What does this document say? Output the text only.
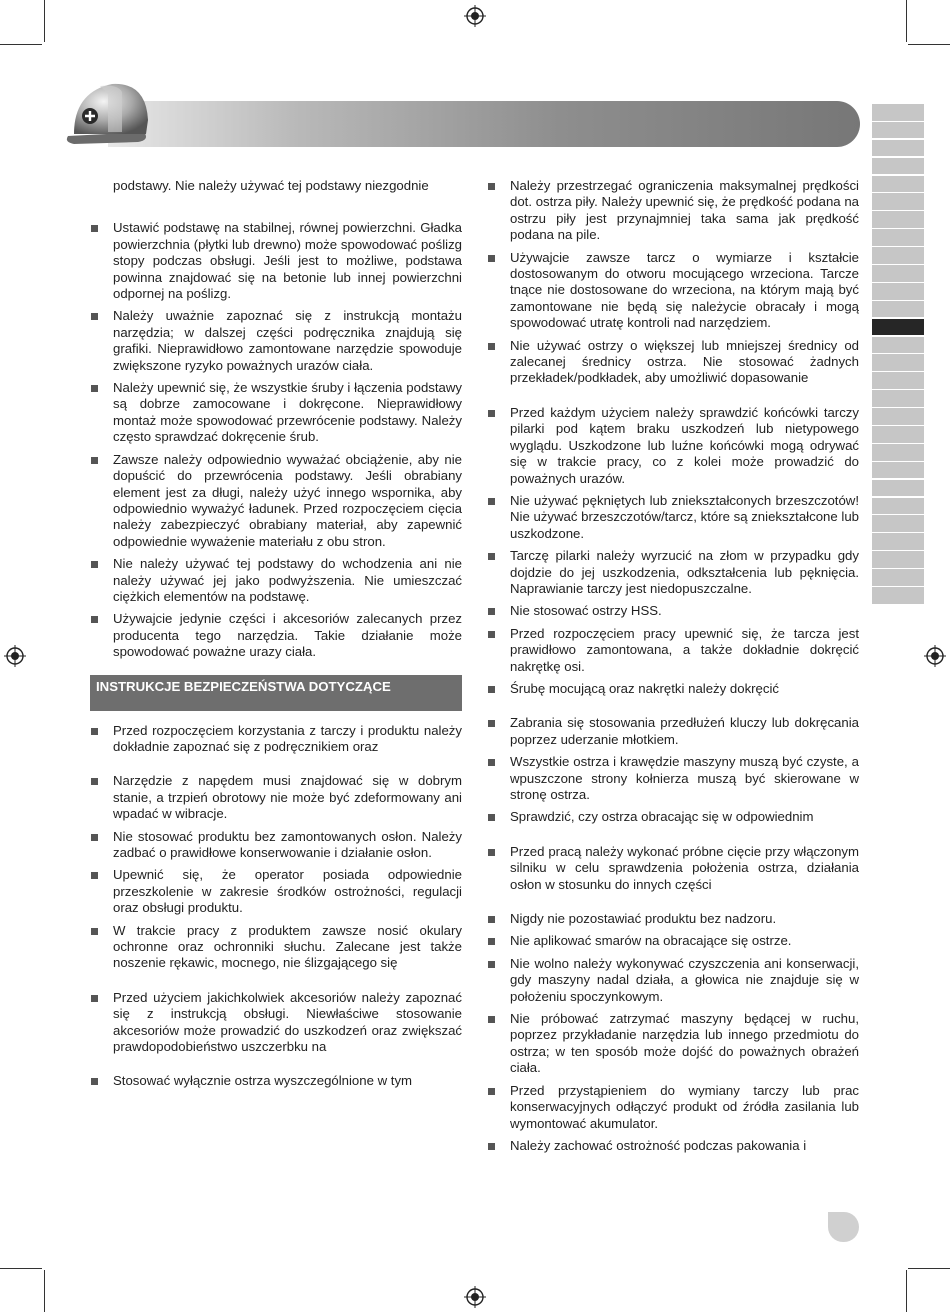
podstawy. Nie należy używać tej podstawy niezgodnie
Ustawić podstawę na stabilnej, równej powierzchni. Gładka powierzchnia (płytki lub drewno) może spowodować poślizg stopy podczas obsługi. Jeśli jest to możliwe, podstawa powinna znajdować się na betonie lub innej powierzchni odpornej na poślizg.
Należy uważnie zapoznać się z instrukcją montażu narzędzia; w dalszej części podręcznika znajdują się grafiki. Nieprawidłowo zamontowane narzędzie spowoduje zwiększone ryzyko poważnych urazów ciała.
Należy upewnić się, że wszystkie śruby i łączenia podstawy są dobrze zamocowane i dokręcone. Nieprawidłowy montaż może spowodować przewrócenie podstawy. Należy często sprawdzać dokręcenie śrub.
Zawsze należy odpowiednio wyważać obciążenie, aby nie dopuścić do przewrócenia podstawy. Jeśli obrabiany element jest za długi, należy użyć innego wspornika, aby odpowiednio wyważyć ładunek. Przed rozpoczęciem cięcia należy zabezpieczyć obrabiany materiał, aby zapewnić odpowiednie wyważenie materiału z obu stron.
Nie należy używać tej podstawy do wchodzenia ani nie należy używać jej jako podwyższenia. Nie umieszczać ciężkich elementów na podstawę.
Używajcie jedynie części i akcesoriów zalecanych przez producenta tego narzędzia. Takie działanie może spowodować poważne urazy ciała.
INSTRUKCJE BEZPIECZEŃSTWA DOTYCZĄCE
Przed rozpoczęciem korzystania z tarczy i produktu należy dokładnie zapoznać się z podręcznikiem oraz
Narzędzie z napędem musi znajdować się w dobrym stanie, a trzpień obrotowy nie może być zdeformowany ani wpadać w wibracje.
Nie stosować produktu bez zamontowanych osłon. Należy zadbać o prawidłowe konserwowanie i działanie osłon.
Upewnić się, że operator posiada odpowiednie przeszkolenie w zakresie środków ostrożności, regulacji oraz obsługi produktu.
W trakcie pracy z produktem zawsze nosić okulary ochronne oraz ochronniki słuchu. Zalecane jest także noszenie rękawic, mocnego, nie ślizgającego się
Przed użyciem jakichkolwiek akcesoriów należy zapoznać się z instrukcją obsługi. Niewłaściwe stosowanie akcesoriów może prowadzić do uszkodzeń oraz zwiększać prawdopodobieństwo uszczerbku na
Stosować wyłącznie ostrza wyszczególnione w tym
Należy przestrzegać ograniczenia maksymalnej prędkości dot. ostrza piły. Należy upewnić się, że prędkość podana na ostrzu piły jest przynajmniej taka sama jak prędkość podana na pile.
Używajcie zawsze tarcz o wymiarze i kształcie dostosowanym do otworu mocującego wrzeciona. Tarcze tnące nie dostosowane do wrzeciona, na którym mają być zamontowane nie będą się należycie obracały i mogą spowodować utratę kontroli nad narzędziem.
Nie używać ostrzy o większej lub mniejszej średnicy od zalecanej średnicy ostrza. Nie stosować żadnych przekładek/podkładek, aby umożliwić dopasowanie
Przed każdym użyciem należy sprawdzić końcówki tarczy pilarki pod kątem braku uszkodzeń lub nietypowego wyglądu. Uszkodzone lub luźne końcówki mogą odrywać się w trakcie pracy, co z kolei może prowadzić do poważnych urazów.
Nie używać pękniętych lub zniekształconych brzeszczotów! Nie używać brzeszczotów/tarcz, które są zniekształcone lub uszkodzone.
Tarczę pilarki należy wyrzucić na złom w przypadku gdy dojdzie do jej uszkodzenia, odkształcenia lub pęknięcia. Naprawianie tarczy jest niedopuszczalne.
Nie stosować ostrzy HSS.
Przed rozpoczęciem pracy upewnić się, że tarcza jest prawidłowo zamontowana, a także dokładnie dokręcić nakrętkę osi.
Śrubę mocującą oraz nakrętki należy dokręcić
Zabrania się stosowania przedłużeń kluczy lub dokręcania poprzez uderzanie młotkiem.
Wszystkie ostrza i krawędzie maszyny muszą być czyste, a wpuszczone strony kołnierza muszą być skierowane w stronę ostrza.
Sprawdzić, czy ostrza obracając się w odpowiednim
Przed pracą należy wykonać próbne cięcie przy włączonym silniku w celu sprawdzenia położenia ostrza, działania osłon w stosunku do innych części
Nigdy nie pozostawiać produktu bez nadzoru.
Nie aplikować smarów na obracające się ostrze.
Nie wolno należy wykonywać czyszczenia ani konserwacji, gdy maszyny nadal działa, a głowica nie znajduje się w położeniu spoczynkowym.
Nie próbować zatrzymać maszyny będącej w ruchu, poprzez przykładanie narzędzia lub innego przedmiotu do ostrza; w ten sposób może dojść do poważnych obrażeń ciała.
Przed przystąpieniem do wymiany tarczy lub prac konserwacyjnych odłączyć produkt od źródła zasilania lub wymontować akumulator.
Należy zachować ostrożność podczas pakowania i
